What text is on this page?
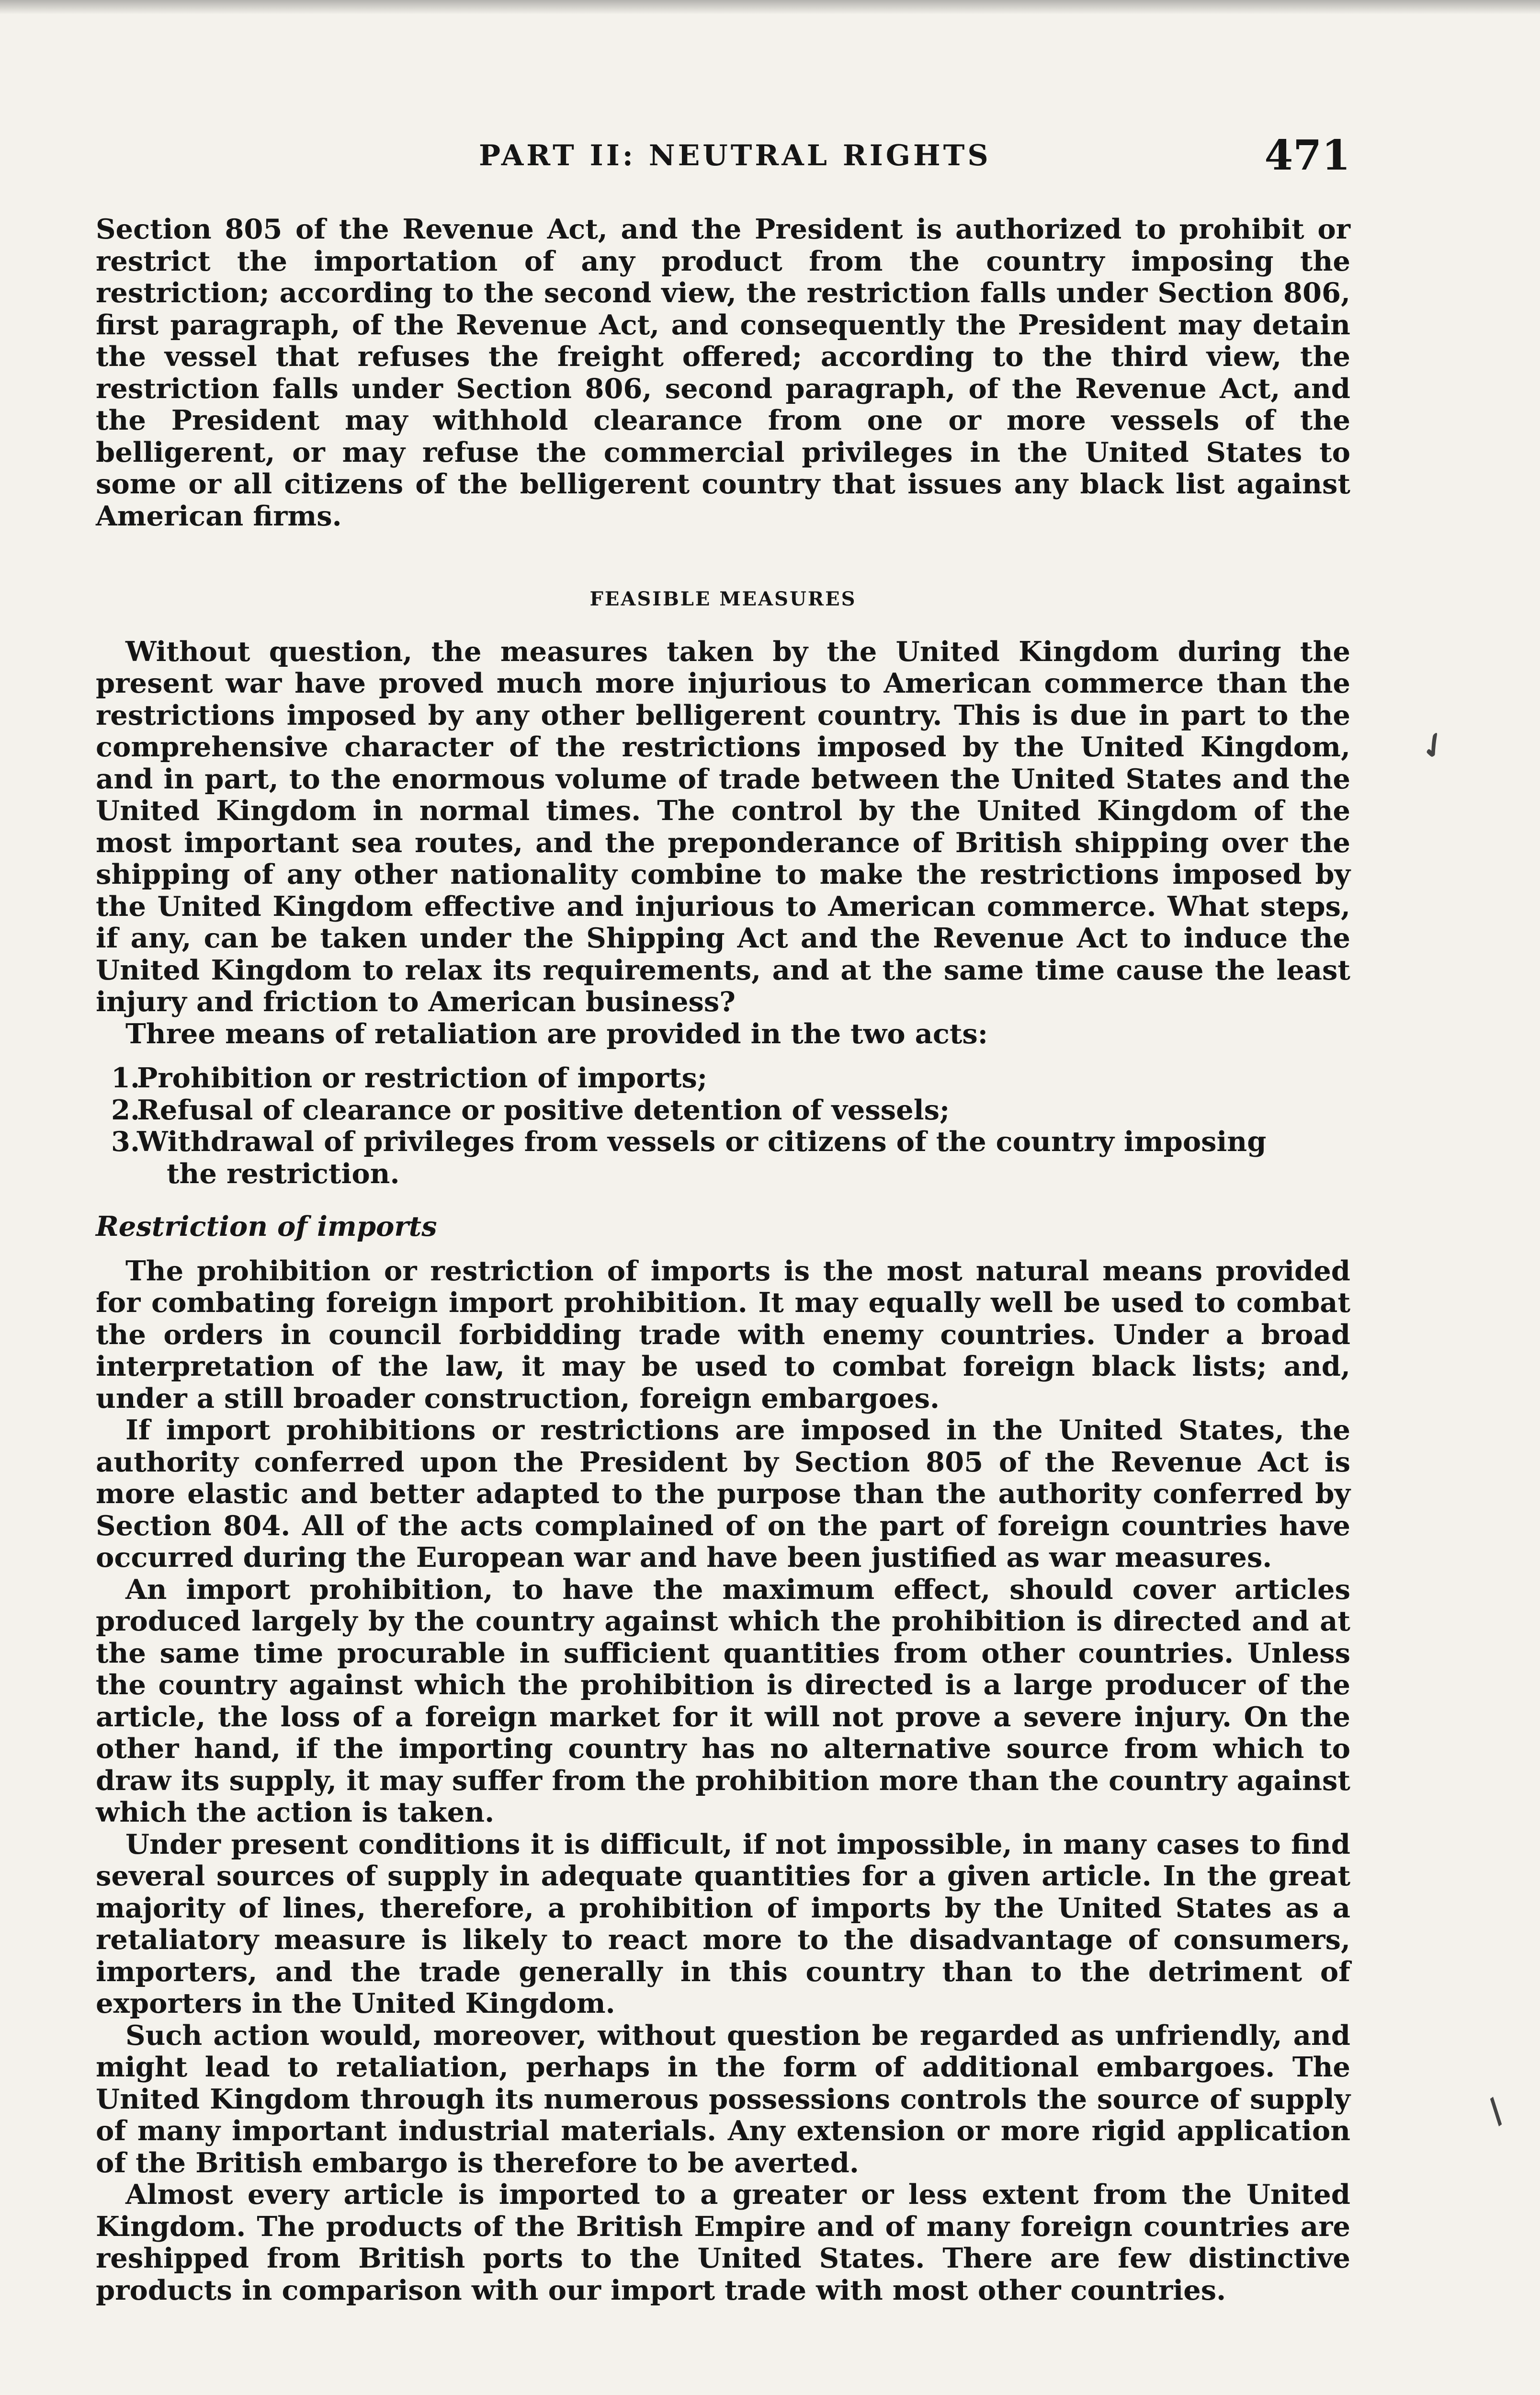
PART II: NEUTRAL RIGHTS	471

Section 805 of the Revenue Act, and the President is authorized to prohibit or restrict the importation of any product from the country imposing the restriction; according to the second view, the restriction falls under Section 806, first paragraph, of the Revenue Act, and consequently the President may detain the vessel that refuses the freight offered; according to the third view, the restriction falls under Section 806, second paragraph, of the Revenue Act, and the President may withhold clearance from one or more vessels of the belligerent, or may refuse the commercial privileges in the United States to some or all citizens of the belligerent country that issues any black list against American firms.

FEASIBLE MEASURES

Without question, the measures taken by the United Kingdom during the present war have proved much more injurious to American commerce than the restrictions imposed by any other belligerent country. This is due in part to the comprehensive character of the restrictions imposed by the United Kingdom, and in part, to the enormous volume of trade between the United States and the United Kingdom in normal times. The control by the United Kingdom of the most important sea routes, and the preponderance of British shipping over the shipping of any other nationality combine to make the restrictions imposed by the United Kingdom effective and injurious to American commerce. What steps, if any, can be taken under the Shipping Act and the Revenue Act to induce the United Kingdom to relax its requirements, and at the same time cause the least injury and friction to American business?

Three means of retaliation are provided in the two acts:

1.
Prohibition or restriction of imports;
2.
Refusal of clearance or positive detention of vessels;
3.
Withdrawal of privileges from vessels or citizens of the country imposing
the restriction.
Restriction of imports

The prohibition or restriction of imports is the most natural means provided for combating foreign import prohibition. It may equally well be used to combat the orders in council forbidding trade with enemy countries. Under a broad interpretation of the law, it may be used to combat foreign black lists; and, under a still broader construction, foreign embargoes.

If import prohibitions or restrictions are imposed in the United States, the authority conferred upon the President by Section 805 of the Revenue Act is more elastic and better adapted to the purpose than the authority conferred by Section 804. All of the acts complained of on the part of foreign countries have occurred during the European war and have been justified as war measures.

An import prohibition, to have the maximum effect, should cover articles produced largely by the country against which the prohibition is directed and at the same time procurable in sufficient quantities from other countries. Unless the country against which the prohibition is directed is a large producer of the article, the loss of a foreign market for it will not prove a severe injury. On the other hand, if the importing country has no alternative source from which to draw its supply, it may suffer from the prohibition more than the country against which the action is taken.

Under present conditions it is difficult, if not impossible, in many cases to find several sources of supply in adequate quantities for a given article. In the great majority of lines, therefore, a prohibition of imports by the United States as a retaliatory measure is likely to react more to the disadvantage of consumers, importers, and the trade generally in this country than to the detriment of exporters in the United Kingdom.

Such action would, moreover, without question be regarded as unfriendly, and might lead to retaliation, perhaps in the form of additional embargoes. The United Kingdom through its numerous possessions controls the source of supply of many important industrial materials. Any extension or more rigid application of the British embargo is therefore to be averted.

Almost every article is imported to a greater or less extent from the United Kingdom. The products of the British Empire and of many foreign countries are reshipped from British ports to the United States. There are few distinctive products in comparison with our import trade with most other countries.

✓
/
